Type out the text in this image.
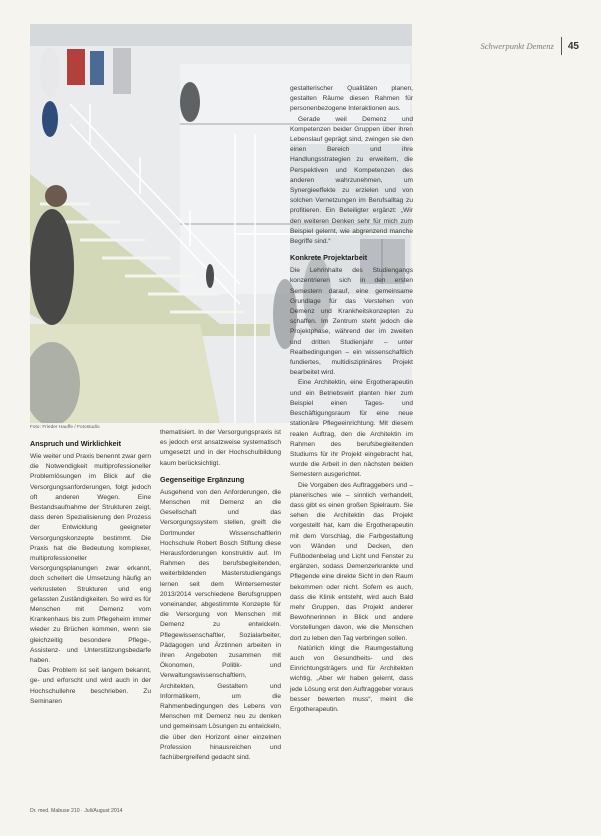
Foto: Frieder Hauffe / Fotostudio
Schwerpunkt Demenz 45
Anspruch und Wirklichkeit

Wie weiter und Praxis benennt zwar gern die Notwendigkeit multiprofessioneller Problemlösungen im Blick auf die Versorgungsanforderungen, folgt jedoch oft anderen Wegen. Eine Bestandsaufnahme der Strukturen zeigt, dass deren Spezialisierung den Prozess der Entwicklung geeigneter Versorgungskonzepte bestimmt. Die Praxis hat die Bedeutung komplexer, multiprofessioneller Versorgungsplanungen zwar erkannt, doch scheitert die Umsetzung häufig an verkrusteten Strukturen und eng gefassten Zuständigkeiten. So wird es für Menschen mit Demenz vom Krankenhaus bis zum Pflegeheim immer wieder zu Brüchen kommen, wenn sie gleichzeitig besondere Pflege-, Assistenz- und Unterstützungsbedarfe haben.

Das Problem ist seit langem bekannt, ge- und erforscht und wird auch in der Hochschullehre beschrieben. Zu Seminaren

thematisiert. In der Versorgungspraxis ist es jedoch erst ansatzweise systematisch umgesetzt und in der Hochschulbildung kaum berücksichtigt.

Gegenseitige Ergänzung

Ausgehend von den Anforderungen, die Menschen mit Demenz an die Gesellschaft und das Versorgungssystem stellen, greift die Dortmunder Wissenschaftlerin Hochschule Robert Bosch Stiftung diese Herausforderungen konstruktiv auf. Im Rahmen des berufsbegleitenden, weiterbildenden Masterstudiengangs lernen seit dem Wintersemester 2013/2014 verschiedene Berufsgruppen voneinander, abgestimmte Konzepte für die Versorgung von Menschen mit Demenz zu entwickeln. Pflegewissenschaftler, Sozialarbeiter, Pädagogen und Ärztinnen arbeiten in ihren Angeboten zusammen mit Ökonomen, Politik- und Verwaltungswissenschaftlern, Architekten, Gestaltern und Informatikern, um die Rahmenbedingungen des Lebens von Menschen mit Demenz neu zu denken und gemeinsam Lösungen zu entwickeln, die über den Horizont einer einzelnen Profession hinausreichen und fachübergreifend gedacht sind.

gestalterischer Qualitäten planen, gestalten Räume diesen Rahmen für personenbezogene Interaktionen aus.

Gerade weil Demenz und Kompetenzen beider Gruppen über ihren Lebenslauf geprägt sind, zwingen sie den einen Bereich und ihre Handlungsstrategien zu erweitern, die Perspektiven und Kompetenzen des anderen wahrzunehmen, um Synergieeffekte zu erzielen und von solchen Vernetzungen im Berufsalltag zu profitieren. Ein Beteiligter ergänzt: „Wir den weiteren Denken sehr für mich zum Beispiel gelernt, wie abgrenzend manche Begriffe sind.“

Konkrete Projektarbeit

Die Lehrinhalte des Studiengangs konzentrieren sich in den ersten Semestern darauf, eine gemeinsame Grundlage für das Verstehen von Demenz und Krankheitskonzepten zu schaffen. Im Zentrum steht jedoch die Projektphase, während der im zweiten und dritten Studienjahr – unter Realbedingungen – ein wissenschaftlich fundiertes, multidisziplinäres Projekt bearbeitet wird.

Eine Architektin, eine Ergotherapeutin und ein Betriebswirt planten hier zum Beispiel einen Tages- und Beschäftigungsraum für eine neue stationäre Pflegeeinrichtung. Mit diesem realen Auftrag, den die Architektin im Rahmen des berufsbegleitenden Studiums für ihr Projekt eingebracht hat, wurde die Arbeit in den nächsten beiden Semestern ausgerichtet.

Die Vorgaben des Auftraggebers und – planerisches wie – sinnlich verhandelt, dass gibt es einen großen Spielraum. Sie sehen die Architektin das Projekt vorgestellt hat, kam die Ergotherapeutin mit dem Vorschlag, die Farbgestaltung von Wänden und Decken, den Fußbodenbelag und Licht und Fenster zu ergänzen, sodass Demenzerkrankte und Pflegende eine direkte Sicht in den Raum bekommen oder nicht. Sofern es auch, dass die Klinik entsteht, wird auch Bald mehr Gruppen, das Projekt anderer Bewohnerinnen in Blick und andere Vorstellungen davon, wie die Menschen dort zu leben den Tag verbringen sollen.

Natürlich klingt die Raumgestaltung auch von Gesundheits- und des Einrichtungsträgers und für Architekten wichtig, „Aber wir haben gelernt, dass jede Lösung erst den Auftraggeber voraus besser bewerten muss“, meint die Ergotherapeutin.

Dr. med. Mabuse 210 · Juli/August 2014
